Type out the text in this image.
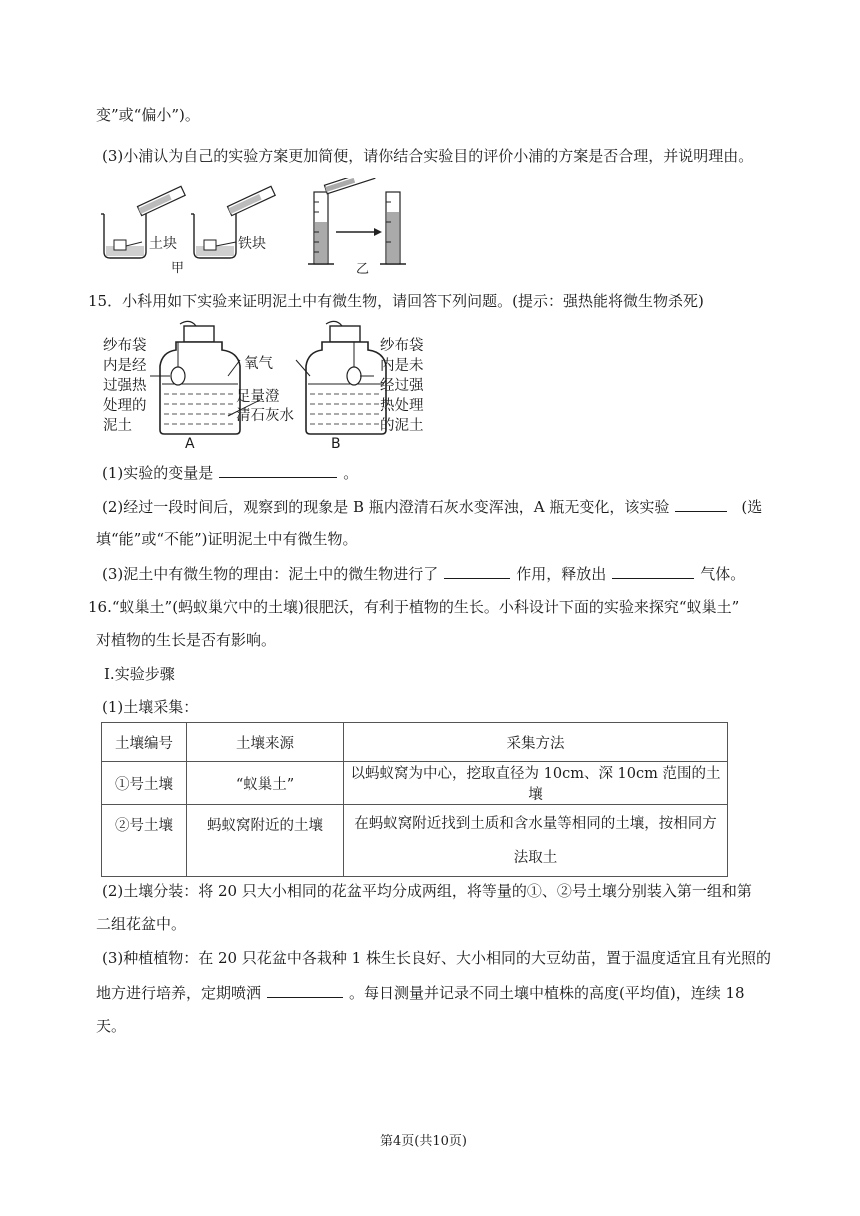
变”或“偏小”)。
(3)小浦认为自己的实验方案更加简便，请你结合实验目的评价小浦的方案是否合理，并说明理由。
土块	铁块
甲	乙
15．小科用如下实验来证明泥土中有微生物，请回答下列问题。(提示：强热能将微生物杀死)
纱布袋
内是经
过强热
处理的
泥土
氧气
足量澄
清石灰水
纱布袋
内是未
经过强
热处理
的泥土
A	B
(1)实验的变量是	。
(2)经过一段时间后，观察到的现象是 B 瓶内澄清石灰水变浑浊，A 瓶无变化，该实验	(选
填“能”或“不能”)证明泥土中有微生物。
(3)泥土中有微生物的理由：泥土中的微生物进行了	作用，释放出	气体。
16.“蚁巢土”(蚂蚁巢穴中的土壤)很肥沃，有利于植物的生长。小科设计下面的实验来探究“蚁巢土”
对植物的生长是否有影响。
Ⅰ.实验步骤
(1)土壤采集：
土壤编号	土壤来源	采集方法
①号土壤	“蚁巢土”	以蚂蚁窝为中心，挖取直径为 10cm、深 10cm 范围的土壤
②号土壤	蚂蚁窝附近的土壤	在蚂蚁窝附近找到土质和含水量等相同的土壤，按相同方
法取土
(2)土壤分装：将 20 只大小相同的花盆平均分成两组，将等量的①、②号土壤分别装入第一组和第
二组花盆中。
(3)种植植物：在 20 只花盆中各栽种 1 株生长良好、大小相同的大豆幼苗，置于温度适宜且有光照的
地方进行培养，定期喷洒	。每日测量并记录不同土壤中植株的高度(平均值)，连续 18
天。
第4页(共10页)
